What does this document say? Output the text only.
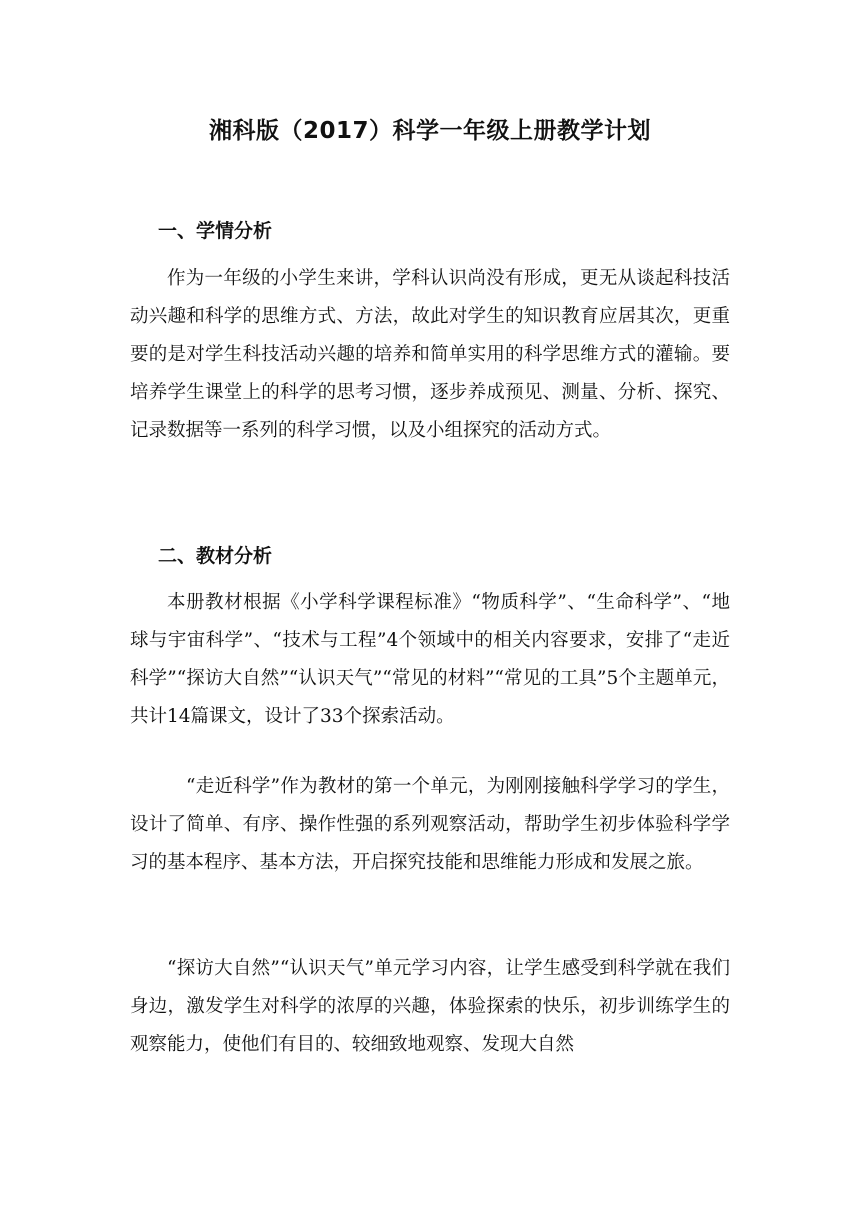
湘科版（2017）科学一年级上册教学计划
一、学情分析

作为一年级的小学生来讲，学科认识尚没有形成，更无从谈起科技活动兴趣和科学的思维方式、方法，故此对学生的知识教育应居其次，更重要的是对学生科技活动兴趣的培养和简单实用的科学思维方式的灌输。要培养学生课堂上的科学的思考习惯，逐步养成预见、测量、分析、探究、记录数据等一系列的科学习惯，以及小组探究的活动方式。

二、教材分析

本册教材根据《小学科学课程标准》“物质科学”、“生命科学”、“地球与宇宙科学”、“技术与工程”4个领域中的相关内容要求，安排了“走近科学”“探访大自然”“认识天气”“常见的材料”“常见的工具”5个主题单元，共计14篇课文，设计了33个探索活动。

“走近科学”作为教材的第一个单元，为刚刚接触科学学习的学生，设计了简单、有序、操作性强的系列观察活动，帮助学生初步体验科学学习的基本程序、基本方法，开启探究技能和思维能力形成和发展之旅。

“探访大自然”“认识天气”单元学习内容，让学生感受到科学就在我们身边，激发学生对科学的浓厚的兴趣，体验探索的快乐，初步训练学生的观察能力，使他们有目的、较细致地观察、发现大自然
